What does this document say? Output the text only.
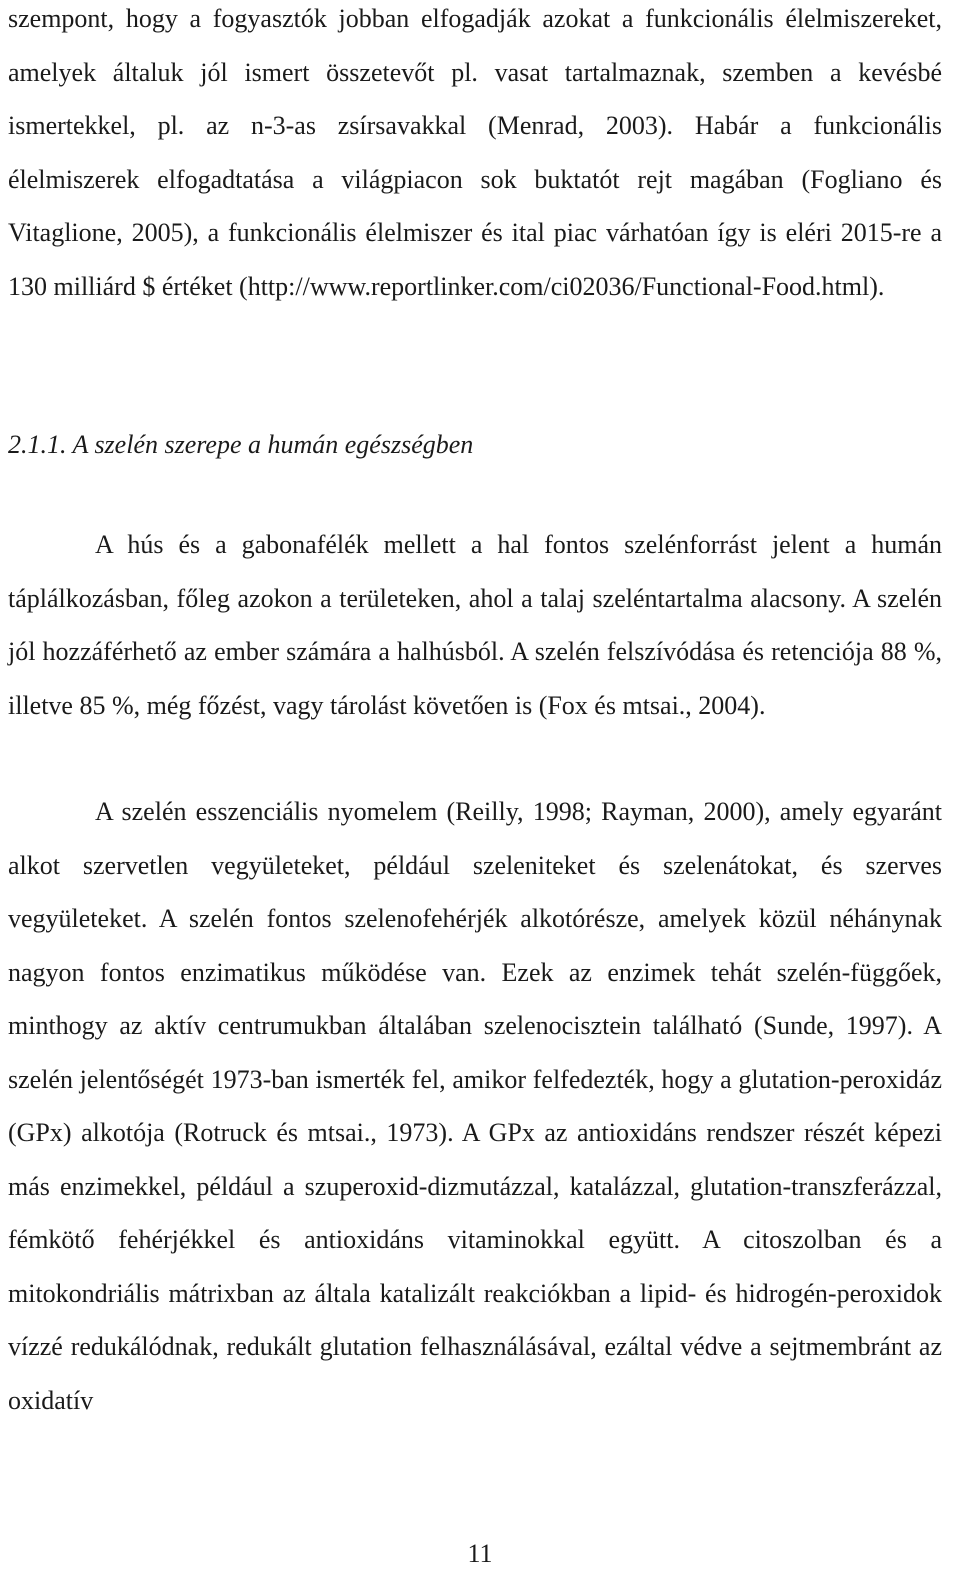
szempont, hogy a fogyasztók jobban elfogadják azokat a funkcionális élelmiszereket, amelyek általuk jól ismert összetevőt pl. vasat tartalmaznak, szemben a kevésbé ismertekkel, pl. az n-3-as zsírsavakkal (Menrad, 2003). Habár a funkcionális élelmiszerek elfogadtatása a világpiacon sok buktatót rejt magában (Fogliano és Vitaglione, 2005), a funkcionális élelmiszer és ital piac várhatóan így is eléri 2015-re a 130 milliárd $ értéket (http://www.reportlinker.com/ci02036/Functional-Food.html).

2.1.1. A szelén szerepe a humán egészségben

A hús és a gabonafélék mellett a hal fontos szelénforrást jelent a humán táplálkozásban, főleg azokon a területeken, ahol a talaj szeléntartalma alacsony. A szelén jól hozzáférhető az ember számára a halhúsból. A szelén felszívódása és retenciója 88 %, illetve 85 %, még főzést, vagy tárolást követően is (Fox és mtsai., 2004).

A szelén esszenciális nyomelem (Reilly, 1998; Rayman, 2000), amely egyaránt alkot szervetlen vegyületeket, például szeleniteket és szelenátokat, és szerves vegyületeket. A szelén fontos szelenofehérjék alkotórésze, amelyek közül néhánynak nagyon fontos enzimatikus működése van. Ezek az enzimek tehát szelén-függőek, minthogy az aktív centrumukban általában szelenocisztein található (Sunde, 1997). A szelén jelentőségét 1973-ban ismerték fel, amikor felfedezték, hogy a glutation-peroxidáz (GPx) alkotója (Rotruck és mtsai., 1973). A GPx az antioxidáns rendszer részét képezi más enzimekkel, például a szuperoxid-dizmutázzal, katalázzal, glutation-transzferázzal, fémkötő fehérjékkel és antioxidáns vitaminokkal együtt. A citoszolban és a mitokondriális mátrixban az általa katalizált reakciókban a lipid- és hidrogén-peroxidok vízzé redukálódnak, redukált glutation felhasználásával, ezáltal védve a sejtmembránt az oxidatív

11
